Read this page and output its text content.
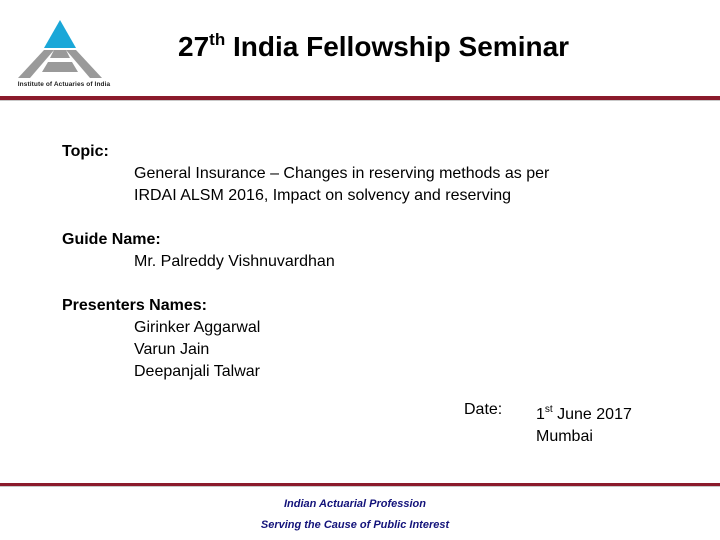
Institute of Actuaries of India
27th India Fellowship Seminar
Topic:
General Insurance – Changes in reserving methods as per
IRDAI ALSM 2016, Impact on solvency and reserving
Guide Name:
Mr. Palreddy Vishnuvardhan
Presenters Names:
Girinker Aggarwal
Varun Jain
Deepanjali Talwar
Date:	1st June 2017
Mumbai
Indian Actuarial Profession
Serving the Cause of Public Interest
